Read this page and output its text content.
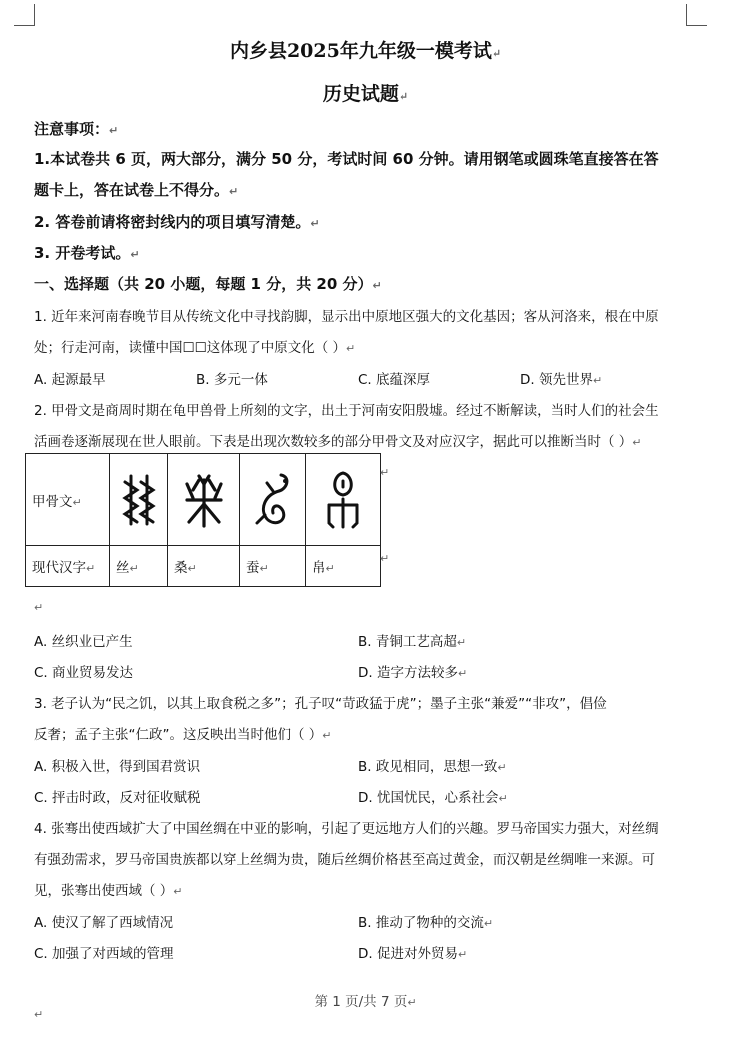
内乡县2025年九年级一模考试↵
历史试题↵
注意事项：↵
1.本试卷共 6 页，两大部分，满分 50 分，考试时间 60 分钟。请用钢笔或圆珠笔直接答在答
题卡上，答在试卷上不得分。↵
2. 答卷前请将密封线内的项目填写清楚。↵
3. 开卷考试。↵
一、选择题（共 20 小题，每题 1 分，共 20 分）↵
1. 近年来河南春晚节目从传统文化中寻找韵脚，显示出中原地区强大的文化基因；客从河洛来，根在中原
处；行走河南，读懂中国☐☐这体现了中原文化（ ）↵
A. 起源最早	B. 多元一体	C. 底蕴深厚	D. 领先世界↵
2. 甲骨文是商周时期在龟甲兽骨上所刻的文字，出土于河南安阳殷墟。经过不断解读，当时人们的社会生
活画卷逐渐展现在世人眼前。下表是出现次数较多的部分甲骨文及对应汉字，据此可以推断当时（ ）↵
甲骨文↵	

现代汉字↵	丝↵	桑↵	蚕↵	帛↵
↵
↵
↵
A. 丝织业已产生	B. 青铜工艺高超↵
C. 商业贸易发达	D. 造字方法较多↵
3. 老子认为“民之饥，以其上取食税之多”；孔子叹“苛政猛于虎”；墨子主张“兼爱”“非攻”，倡俭
反奢；孟子主张“仁政”。这反映出当时他们（ ）↵
A. 积极入世，得到国君赏识	B. 政见相同，思想一致↵
C. 抨击时政，反对征收赋税	D. 忧国忧民，心系社会↵
4. 张骞出使西域扩大了中国丝绸在中亚的影响，引起了更远地方人们的兴趣。罗马帝国实力强大，对丝绸
有强劲需求，罗马帝国贵族都以穿上丝绸为贵，随后丝绸价格甚至高过黄金，而汉朝是丝绸唯一来源。可
见，张骞出使西域（ ）↵
A. 使汉了解了西域情况	B. 推动了物种的交流↵
C. 加强了对西域的管理	D. 促进对外贸易↵
第 1 页/共 7 页↵
↵
